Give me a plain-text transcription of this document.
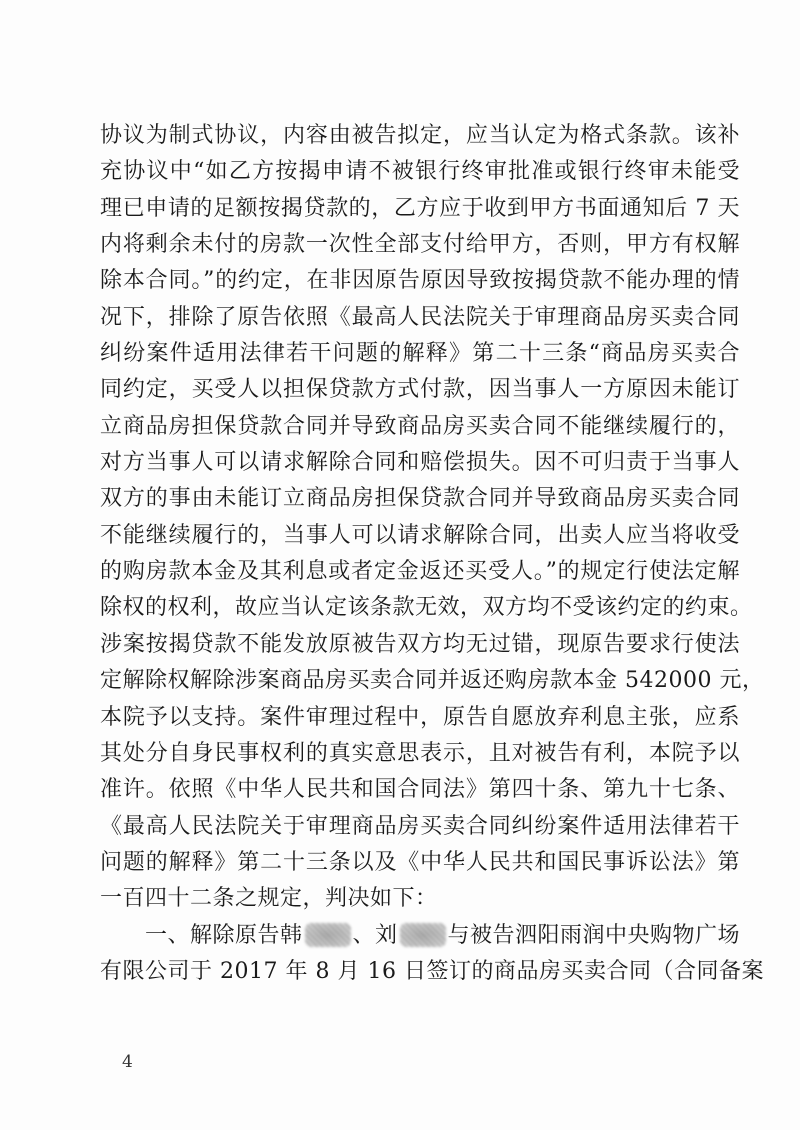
协议为制式协议，内容由被告拟定，应当认定为格式条款。该补
充协议中“如乙方按揭申请不被银行终审批准或银行终审未能受
理已申请的足额按揭贷款的，乙方应于收到甲方书面通知后 7 天
内将剩余未付的房款一次性全部支付给甲方，否则，甲方有权解
除本合同。”的约定，在非因原告原因导致按揭贷款不能办理的情
况下，排除了原告依照《最高人民法院关于审理商品房买卖合同
纠纷案件适用法律若干问题的解释》第二十三条“商品房买卖合
同约定，买受人以担保贷款方式付款，因当事人一方原因未能订
立商品房担保贷款合同并导致商品房买卖合同不能继续履行的，
对方当事人可以请求解除合同和赔偿损失。因不可归责于当事人
双方的事由未能订立商品房担保贷款合同并导致商品房买卖合同
不能继续履行的，当事人可以请求解除合同，出卖人应当将收受
的购房款本金及其利息或者定金返还买受人。”的规定行使法定解
除权的权利，故应当认定该条款无效，双方均不受该约定的约束。
涉案按揭贷款不能发放原被告双方均无过错，现原告要求行使法
定解除权解除涉案商品房买卖合同并返还购房款本金 542000 元，
本院予以支持。案件审理过程中，原告自愿放弃利息主张，应系
其处分自身民事权利的真实意思表示，且对被告有利，本院予以
准许。依照《中华人民共和国合同法》第四十条、第九十七条、
《最高人民法院关于审理商品房买卖合同纠纷案件适用法律若干
问题的解释》第二十三条以及《中华人民共和国民事诉讼法》第
一百四十二条之规定，判决如下：
　　一、解除原告韩 、刘 与被告泗阳雨润中央购物广场
有限公司于 2017 年 8 月 16 日签订的商品房买卖合同（合同备案
4
